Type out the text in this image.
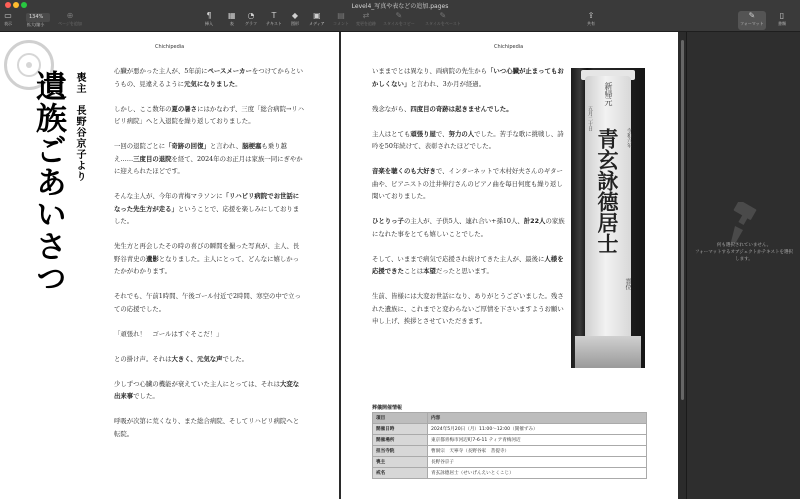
Level4_写真や表などの追加.pages
▭
表示
134%
拡大/縮小
⊕
ページを追加
¶
挿入
▦
表
◔
グラフ
T
テキスト
◆
図形
▣
メディア
▤
コメント
⇄
変更を追跡
✎
スタイルをコピー
✎
スタイルをペースト
⇪
共有
✎
フォーマット
▯
書類
Chichipedia
遺族ごあいさつ 喪主　長野谷京子より

心臓が悪かった主人が、5年前にペースメーカーをつけてからというもの、見違えるように元気になりました。

しかし、ここ数年の夏の暑さにはかなわず、三度「総合病院→リハビリ病院」へと入退院を繰り返しておりました。

一回の退院ごとに「奇跡の回復」と言われ、脳梗塞も乗り越え……三度目の退院を経て、2024年のお正月は家族一同にぎやかに迎えられたほどです。

そんな主人が、今年の青梅マラソンに「リハビリ病院でお世話になった先生方が走る」ということで、応援を楽しみにしておりました。

先生方と再会したその時の喜びの瞬間を撮った写真が、主人、長野谷青史の遺影となりました。主人にとって、どんなに嬉しかったかがわかります。

それでも、午前1時間、午後ゴール付近で2時間、寒空の中で立っての応援でした。

「頑張れ！　ゴールはすぐそこだ！」

との掛け声。それは大きく、元気な声でした。

少しずつ心臓の機能が衰えていた主人にとっては、それは大変な出来事でした。

呼吸が次第に荒くなり、また総合病院、そしてリハビリ病院へと転院。

Chichipedia

いままでとは異なり、両病院の先生から「いつ心臓が止まってもおかしくない」と言われ、3か月が経過。

残念ながら、四度目の奇跡は起きませんでした。

主人はとても頑張り屋で、努力の人でした。苦手な歌に挑戦し、詩吟を50年続けて、表彰されたほどでした。

音楽を聴くのも大好きで、インターネットで木村好夫さんのギター曲や、ピアニストの辻井伸行さんのピアノ曲を毎日何度も繰り返し聞いておりました。

ひとりっ子の主人が、子供5人、連れ合い+孫10人、計22人の家族になれた事をとても嬉しいことでした。

そして、いままで病気で応援され続けてきた主人が、最後に人様を応援できたことは本望だったと思います。

生前、皆様には大変お世話になり、ありがとうございました。残された遺族に、これまでと変わらないご厚情を下さいますようお願い申し上げ、挨拶とさせていただきます。

新帰元
五月二十日
青玄詠德居士 令和六年
霊位
葬儀開催情報
項目	内容
開催日時	2024年5月20日（月）11:00～12:00（開催ずみ）
開催場所	東京都青梅市河辺町7-6-11 ティア青梅河辺
担当寺院	曹洞宗　天寧寺（長野谷家　菩提寺）
喪主	長野谷京子
戒名	青玄詠德居士（せいげんえいとくこじ）
何も選択されていません。
フォーマットするオブジェクトかテキストを選択します。
